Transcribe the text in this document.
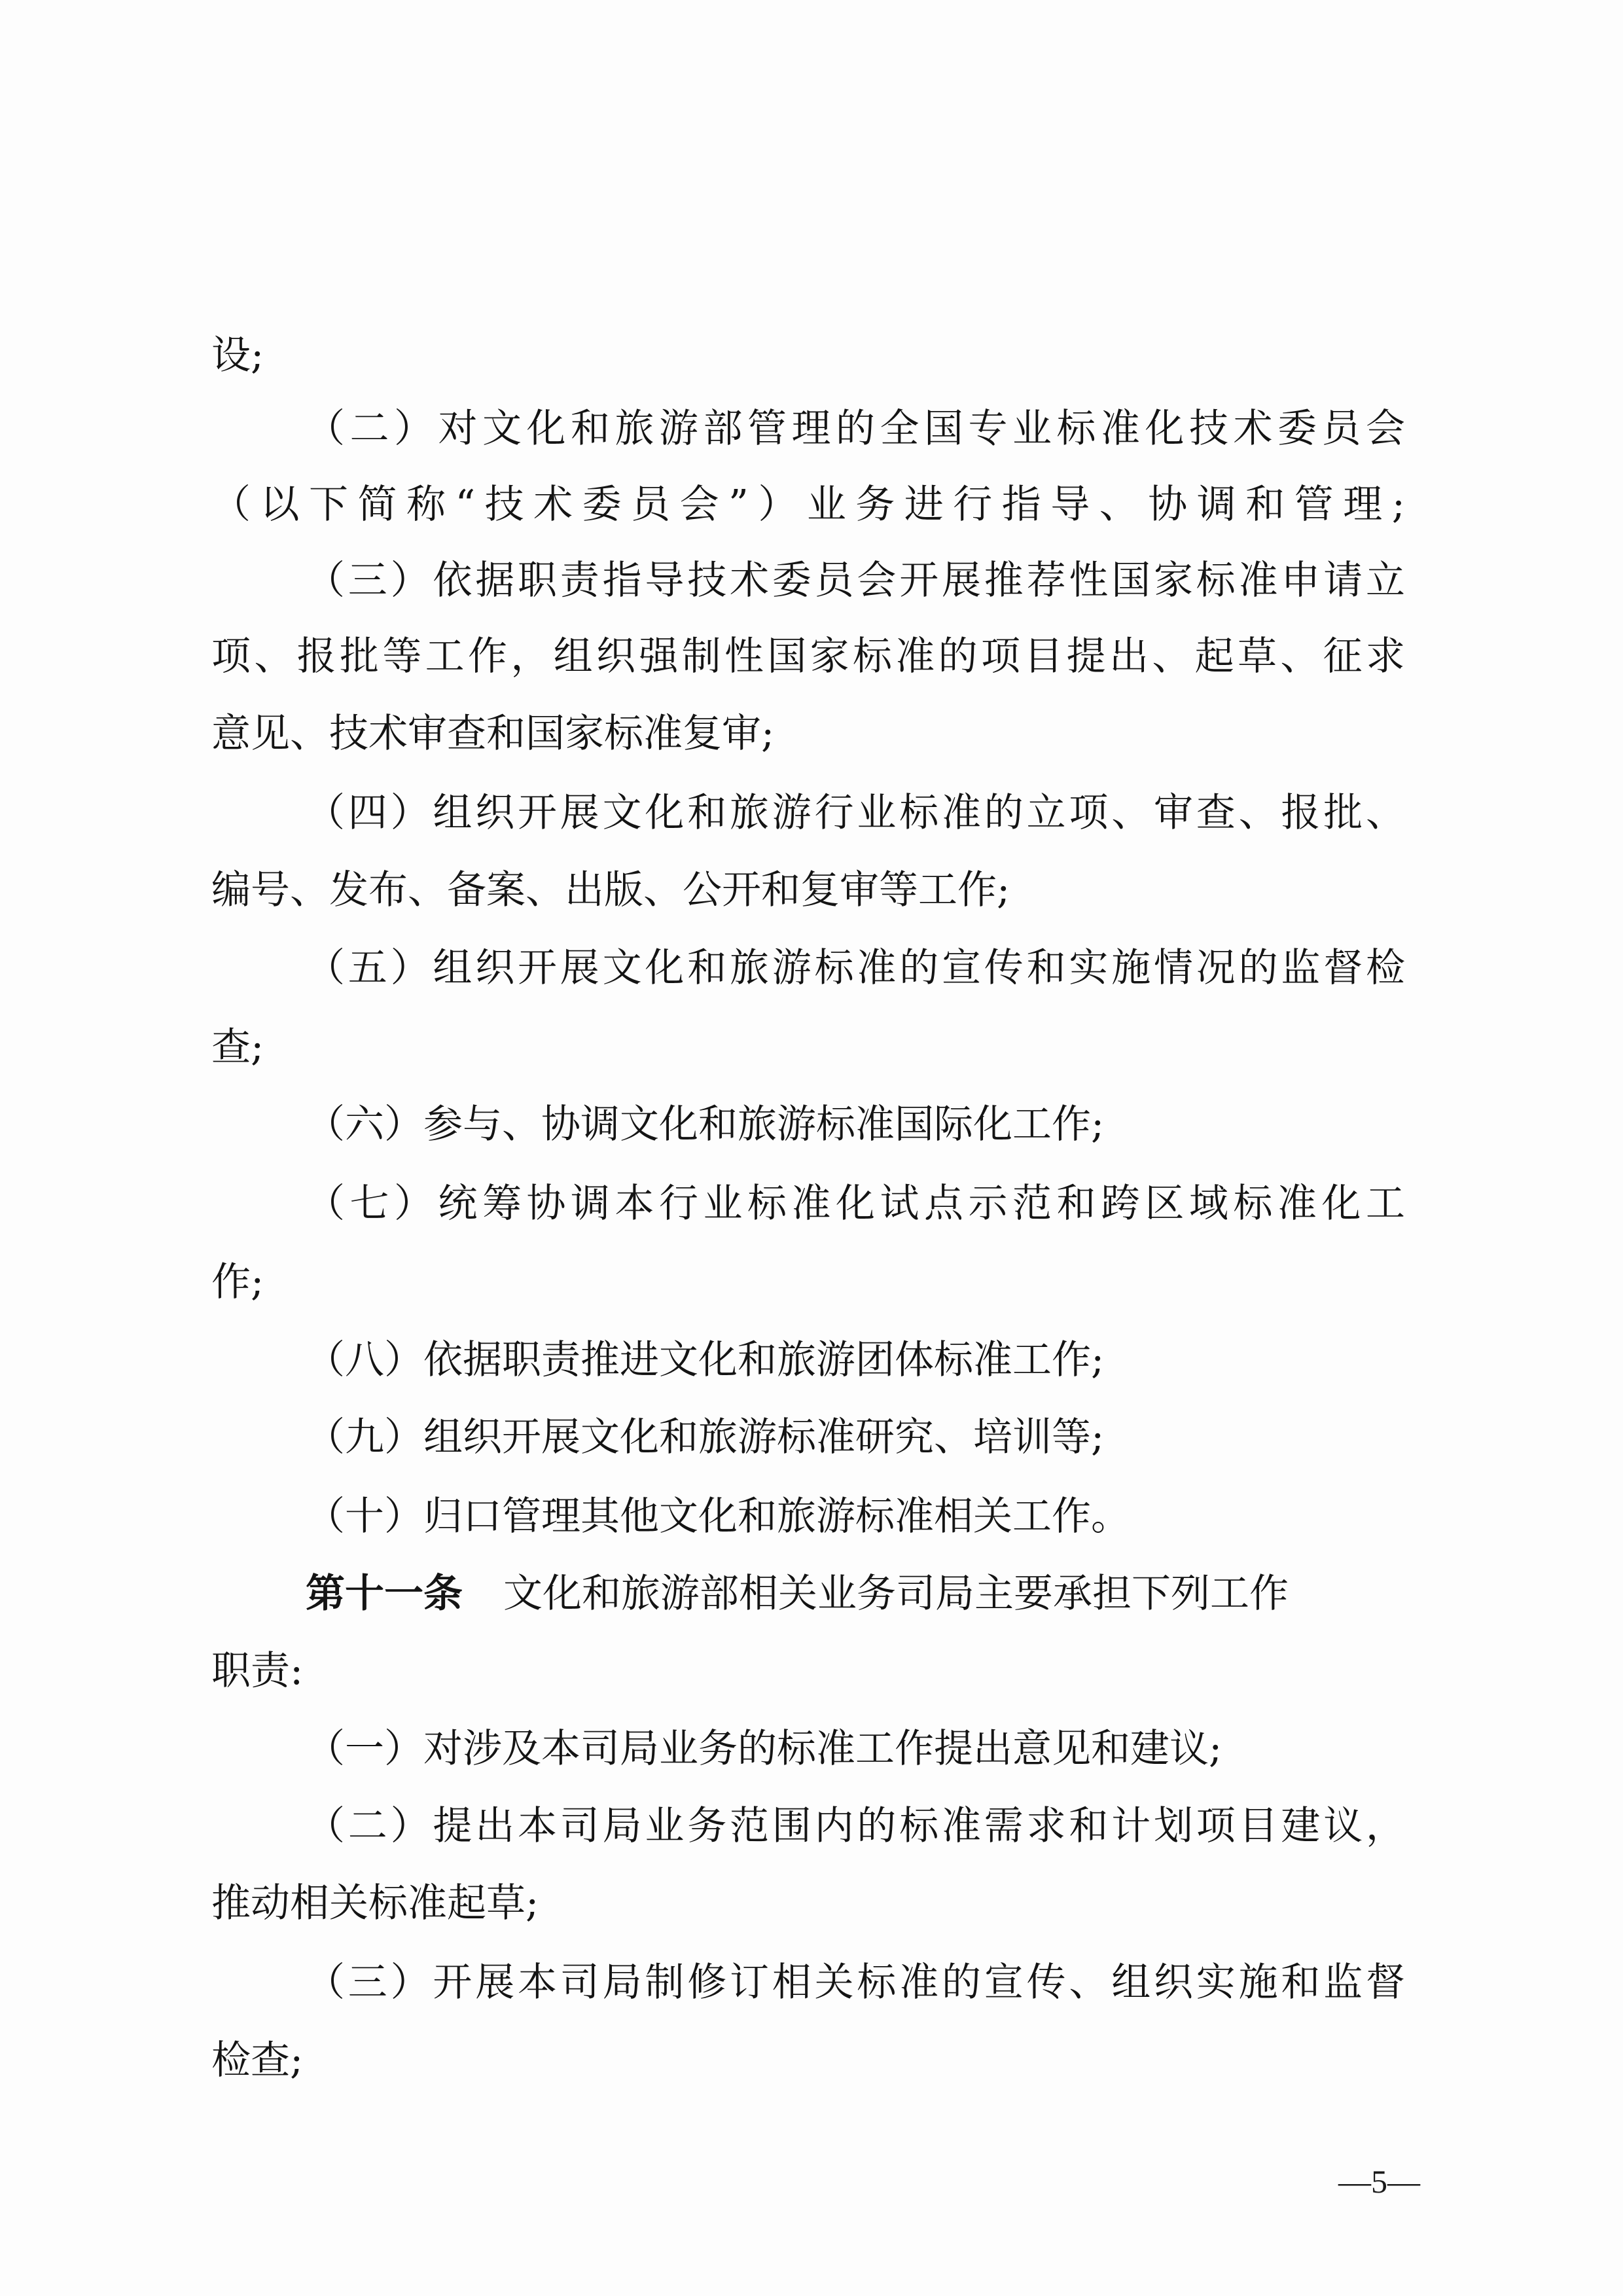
设;
（二）对文化和旅游部管理的全国专业标准化技术委员会
（以下简称“技术委员会”）业务进行指导、协调和管理;
（三）依据职责指导技术委员会开展推荐性国家标准申请立
项、报批等工作，组织强制性国家标准的项目提出、起草、征求
意见、技术审查和国家标准复审;
（四）组织开展文化和旅游行业标准的立项、审查、报批、
编号、发布、备案、出版、公开和复审等工作;
（五）组织开展文化和旅游标准的宣传和实施情况的监督检
查;
（六）参与、协调文化和旅游标准国际化工作;
（七）统筹协调本行业标准化试点示范和跨区域标准化工
作;
（八）依据职责推进文化和旅游团体标准工作;
（九）组织开展文化和旅游标准研究、培训等;
（十）归口管理其他文化和旅游标准相关工作。
第十一条 文化和旅游部相关业务司局主要承担下列工作
职责:
（一）对涉及本司局业务的标准工作提出意见和建议;
（二）提出本司局业务范围内的标准需求和计划项目建议，
推动相关标准起草;
（三）开展本司局制修订相关标准的宣传、组织实施和监督
检查;
—5—
